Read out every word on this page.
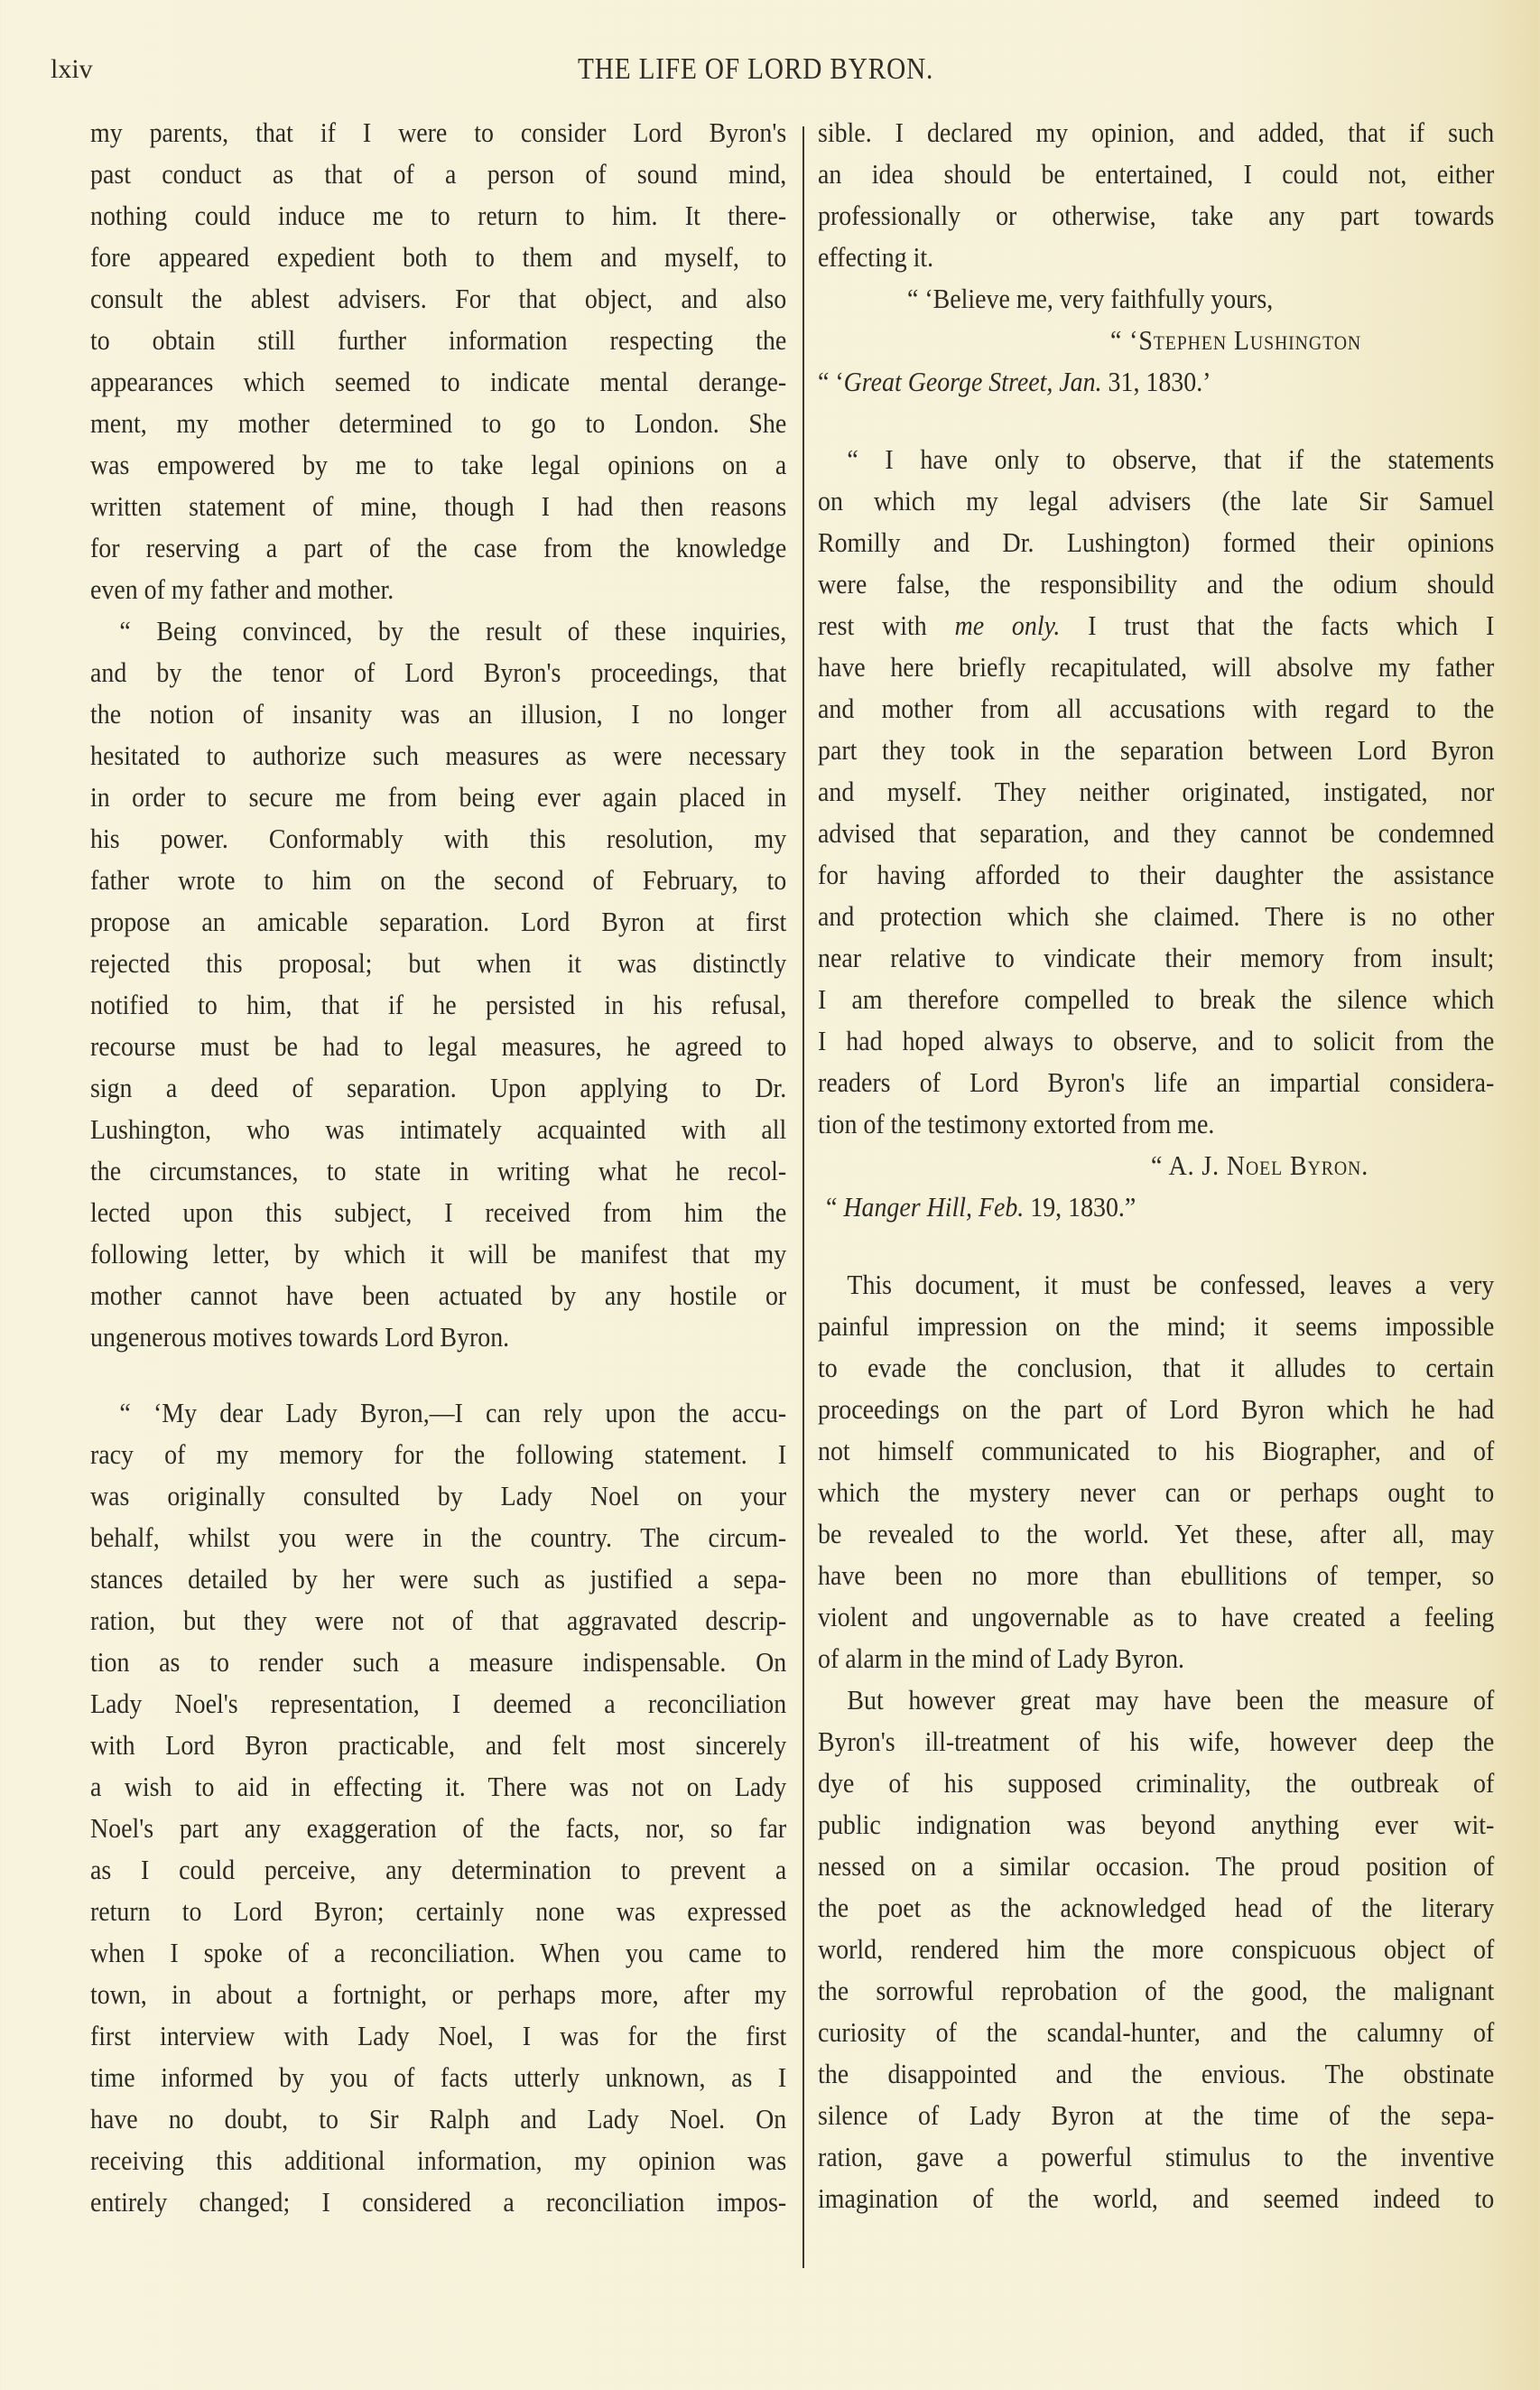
lxiv	THE LIFE OF LORD BYRON.
my parents, that if I were to consider Lord Byron's
past conduct as that of a person of sound mind,
nothing could induce me to return to him. It there-
fore appeared expedient both to them and myself, to
consult the ablest advisers. For that object, and also
to obtain still further information respecting the
appearances which seemed to indicate mental derange-
ment, my mother determined to go to London. She
was empowered by me to take legal opinions on a
written statement of mine, though I had then reasons
for reserving a part of the case from the knowledge
even of my father and mother.
“ Being convinced, by the result of these inquiries,
and by the tenor of Lord Byron's proceedings, that
the notion of insanity was an illusion, I no longer
hesitated to authorize such measures as were necessary
in order to secure me from being ever again placed in
his power. Conformably with this resolution, my
father wrote to him on the second of February, to
propose an amicable separation. Lord Byron at first
rejected this proposal; but when it was distinctly
notified to him, that if he persisted in his refusal,
recourse must be had to legal measures, he agreed to
sign a deed of separation. Upon applying to Dr.
Lushington, who was intimately acquainted with all
the circumstances, to state in writing what he recol-
lected upon this subject, I received from him the
following letter, by which it will be manifest that my
mother cannot have been actuated by any hostile or
ungenerous motives towards Lord Byron.
“ ‘My dear Lady Byron,—I can rely upon the accu-
racy of my memory for the following statement. I
was originally consulted by Lady Noel on your
behalf, whilst you were in the country. The circum-
stances detailed by her were such as justified a sepa-
ration, but they were not of that aggravated descrip-
tion as to render such a measure indispensable. On
Lady Noel's representation, I deemed a reconciliation
with Lord Byron practicable, and felt most sincerely
a wish to aid in effecting it. There was not on Lady
Noel's part any exaggeration of the facts, nor, so far
as I could perceive, any determination to prevent a
return to Lord Byron; certainly none was expressed
when I spoke of a reconciliation. When you came to
town, in about a fortnight, or perhaps more, after my
first interview with Lady Noel, I was for the first
time informed by you of facts utterly unknown, as I
have no doubt, to Sir Ralph and Lady Noel. On
receiving this additional information, my opinion was
entirely changed; I considered a reconciliation impos-
sible. I declared my opinion, and added, that if such
an idea should be entertained, I could not, either
professionally or otherwise, take any part towards
effecting it.
“ ‘Believe me, very faithfully yours,
“ ‘Stephen Lushington
“ ‘Great George Street, Jan. 31, 1830.’
“ I have only to observe, that if the statements
on which my legal advisers (the late Sir Samuel
Romilly and Dr. Lushington) formed their opinions
were false, the responsibility and the odium should
rest with me only. I trust that the facts which I
have here briefly recapitulated, will absolve my father
and mother from all accusations with regard to the
part they took in the separation between Lord Byron
and myself. They neither originated, instigated, nor
advised that separation, and they cannot be condemned
for having afforded to their daughter the assistance
and protection which she claimed. There is no other
near relative to vindicate their memory from insult;
I am therefore compelled to break the silence which
I had hoped always to observe, and to solicit from the
readers of Lord Byron's life an impartial considera-
tion of the testimony extorted from me.
“ A. J. Noel Byron.
“ Hanger Hill, Feb. 19, 1830.”
This document, it must be confessed, leaves a very
painful impression on the mind; it seems impossible
to evade the conclusion, that it alludes to certain
proceedings on the part of Lord Byron which he had
not himself communicated to his Biographer, and of
which the mystery never can or perhaps ought to
be revealed to the world. Yet these, after all, may
have been no more than ebullitions of temper, so
violent and ungovernable as to have created a feeling
of alarm in the mind of Lady Byron.
But however great may have been the measure of
Byron's ill-treatment of his wife, however deep the
dye of his supposed criminality, the outbreak of
public indignation was beyond anything ever wit-
nessed on a similar occasion. The proud position of
the poet as the acknowledged head of the literary
world, rendered him the more conspicuous object of
the sorrowful reprobation of the good, the malignant
curiosity of the scandal-hunter, and the calumny of
the disappointed and the envious. The obstinate
silence of Lady Byron at the time of the sepa-
ration, gave a powerful stimulus to the inventive
imagination of the world, and seemed indeed to
